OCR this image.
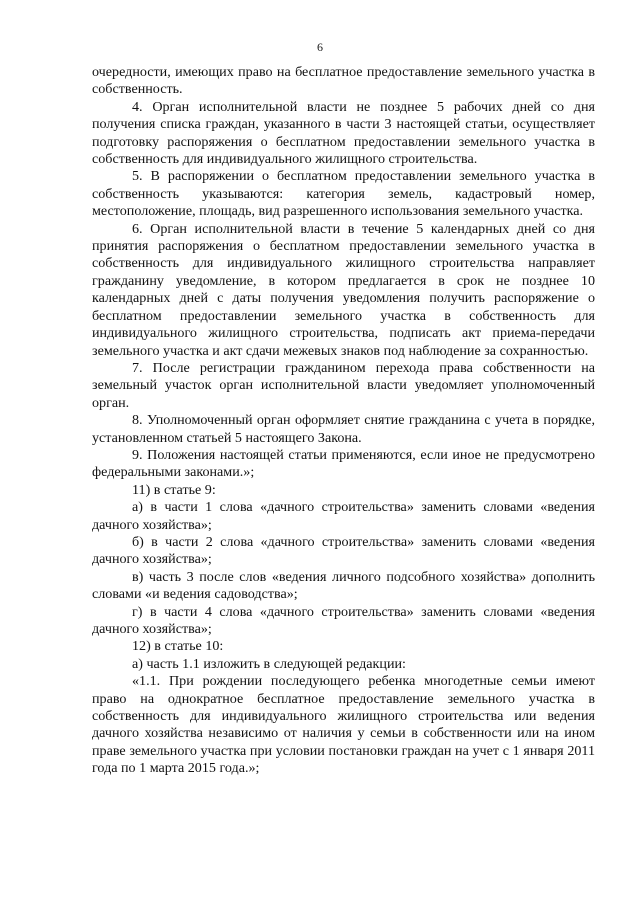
6

очередности, имеющих право на бесплатное предоставление земельного участка в собственность.

4. Орган исполнительной власти не позднее 5 рабочих дней со дня получения списка граждан, указанного в части 3 настоящей статьи, осуществляет подготовку распоряжения о бесплатном предоставлении земельного участка в собственность для индивидуального жилищного строительства.

5. В распоряжении о бесплатном предоставлении земельного участка в собственность указываются: категория земель, кадастровый номер, местоположение, площадь, вид разрешенного использования земельного участка.

6. Орган исполнительной власти в течение 5 календарных дней со дня принятия распоряжения о бесплатном предоставлении земельного участка в собственность для индивидуального жилищного строительства направляет гражданину уведомление, в котором предлагается в срок не позднее 10 календарных дней с даты получения уведомления получить распоряжение о бесплатном предоставлении земельного участка в собственность для индивидуального жилищного строительства, подписать акт приема-передачи земельного участка и акт сдачи межевых знаков под наблюдение за сохранностью.

7. После регистрации гражданином перехода права собственности на земельный участок орган исполнительной власти уведомляет уполномоченный орган.

8. Уполномоченный орган оформляет снятие гражданина с учета в порядке, установленном статьей 5 настоящего Закона.

9. Положения настоящей статьи применяются, если иное не предусмотрено федеральными законами.»;

11) в статье 9:

а) в части 1 слова «дачного строительства» заменить словами «ведения дачного хозяйства»;

б) в части 2 слова «дачного строительства» заменить словами «ведения дачного хозяйства»;

в) часть 3 после слов «ведения личного подсобного хозяйства» дополнить словами «и ведения садоводства»;

г) в части 4 слова «дачного строительства» заменить словами «ведения дачного хозяйства»;

12) в статье 10:

а) часть 1.1 изложить в следующей редакции:

«1.1. При рождении последующего ребенка многодетные семьи имеют право на однократное бесплатное предоставление земельного участка в собственность для индивидуального жилищного строительства или ведения дачного хозяйства независимо от наличия у семьи в собственности или на ином праве земельного участка при условии постановки граждан на учет с 1 января 2011 года по 1 марта 2015 года.»;
